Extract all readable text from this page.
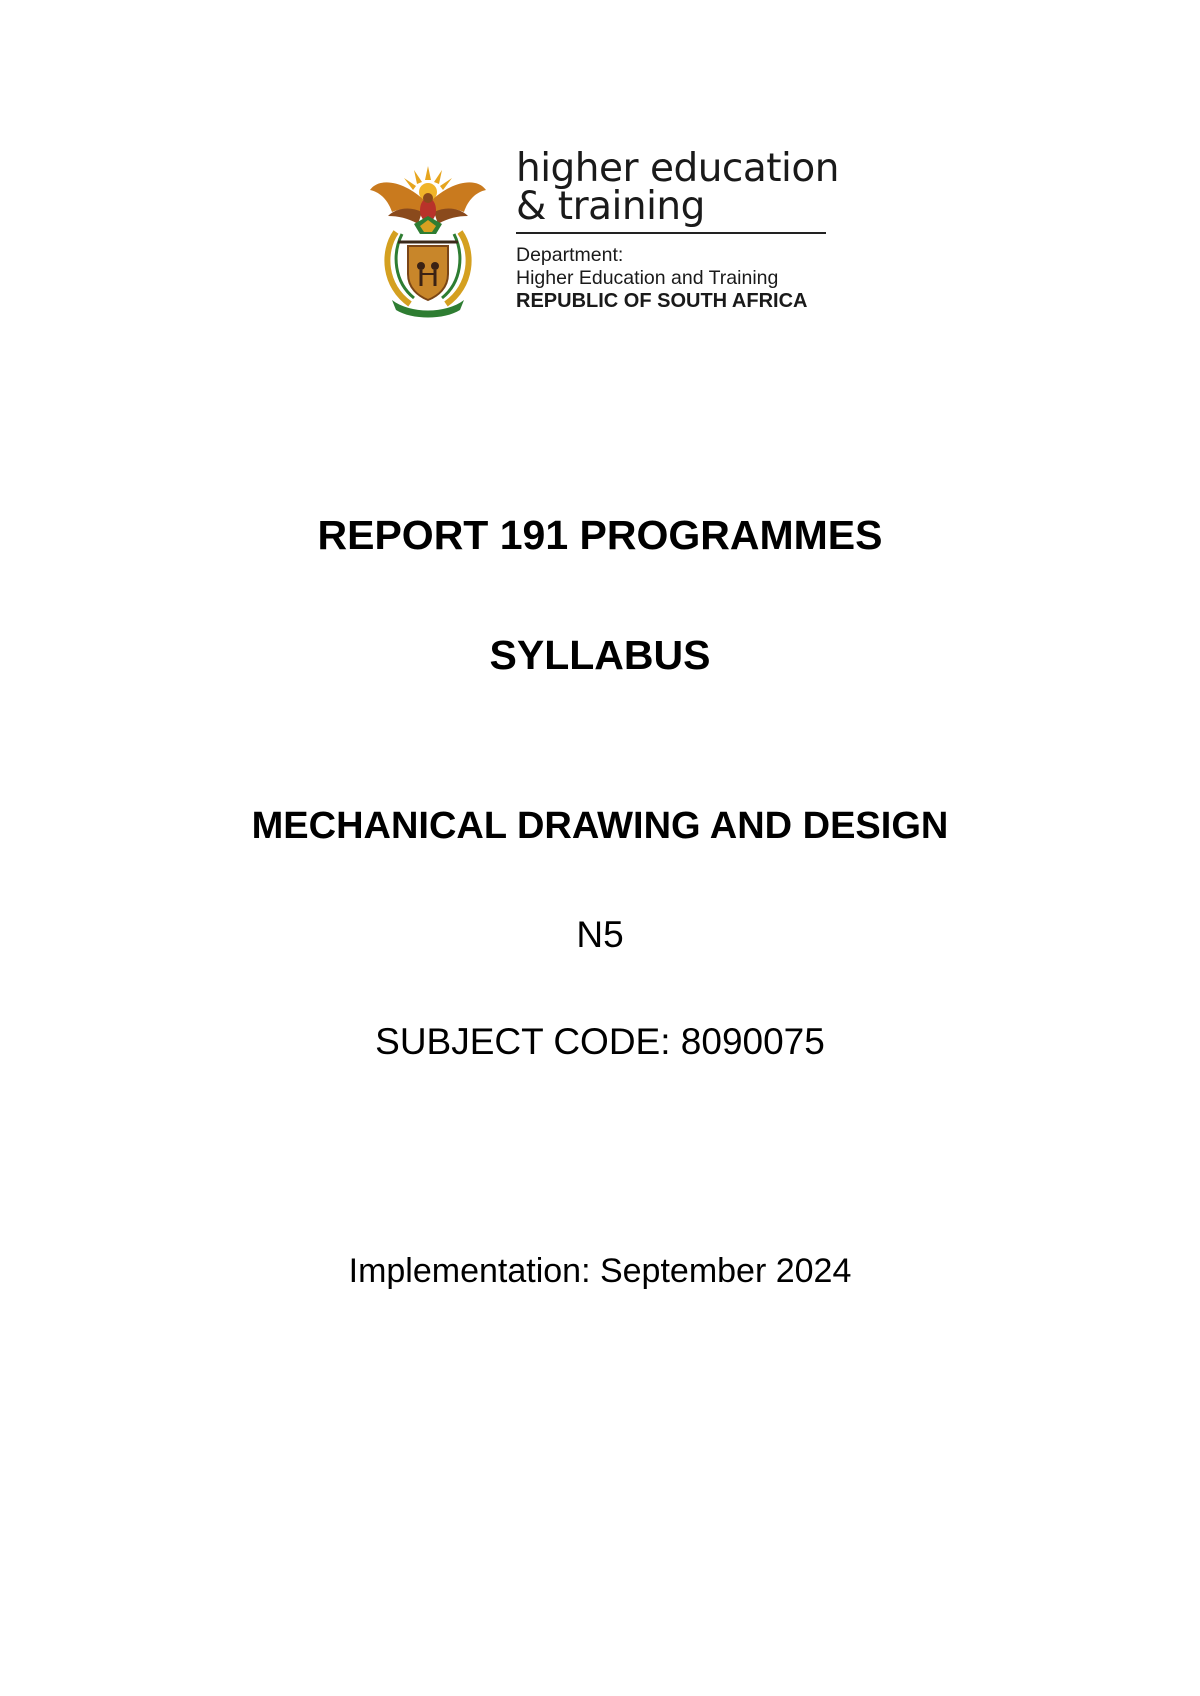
higher education
& training
Department:
Higher Education and Training
REPUBLIC OF SOUTH AFRICA
REPORT 191 PROGRAMMES
SYLLABUS
MECHANICAL DRAWING AND DESIGN
N5
SUBJECT CODE: 8090075
Implementation: September 2024
